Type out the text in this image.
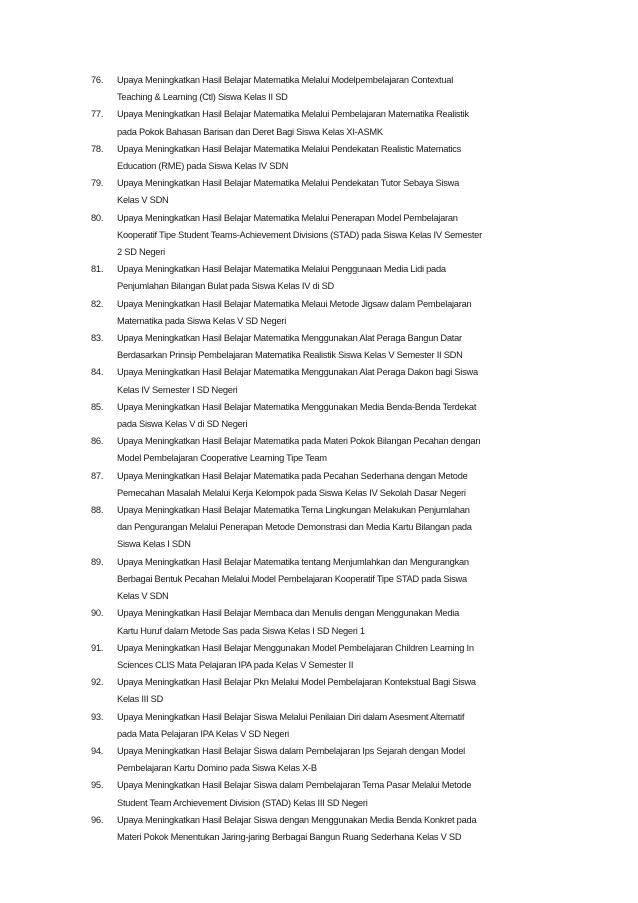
76.	Upaya Meningkatkan Hasil Belajar Matematika Melalui Modelpembelajaran Contextual
Teaching & Learning (Ctl) Siswa Kelas II SD
77.	Upaya Meningkatkan Hasil Belajar Matematika Melalui Pembelajaran Matematika Realistik
pada Pokok Bahasan Barisan dan Deret Bagi Siswa Kelas XI-ASMK
78.	Upaya Meningkatkan Hasil Belajar Matematika Melalui Pendekatan Realistic Matematics
Education (RME) pada Siswa Kelas IV SDN
79.	Upaya Meningkatkan Hasil Belajar Matematika Melalui Pendekatan Tutor Sebaya Siswa
Kelas V SDN
80.	Upaya Meningkatkan Hasil Belajar Matematika Melalui Penerapan Model Pembelajaran
Kooperatif Tipe Student Teams-Achievement Divisions (STAD) pada Siswa Kelas IV Semester
2 SD Negeri
81.	Upaya Meningkatkan Hasil Belajar Matematika Melalui Penggunaan Media Lidi pada
Penjumlahan Bilangan Bulat pada Siswa Kelas IV di SD
82.	Upaya Meningkatkan Hasil Belajar Matematika Melaui Metode Jigsaw dalam Pembelajaran
Matematika pada Siswa Kelas V SD Negeri
83.	Upaya Meningkatkan Hasil Belajar Matematika Menggunakan Alat Peraga Bangun Datar
Berdasarkan Prinsip Pembelajaran Matematika Realistik Siswa Kelas V Semester II SDN
84.	Upaya Meningkatkan Hasil Belajar Matematika Menggunakan Alat Peraga Dakon bagi Siswa
Kelas IV Semester I SD Negeri
85.	Upaya Meningkatkan Hasil Belajar Matematika Menggunakan Media Benda-Benda Terdekat
pada Siswa Kelas V di SD Negeri
86.	Upaya Meningkatkan Hasil Belajar Matematika pada Materi Pokok Bilangan Pecahan dengan
Model Pembelajaran Cooperative Learning Tipe Team
87.	Upaya Meningkatkan Hasil Belajar Matematika pada Pecahan Sederhana dengan Metode
Pemecahan Masalah Melalui Kerja Kelompok pada Siswa Kelas IV Sekolah Dasar Negeri
88.	Upaya Meningkatkan Hasil Belajar Matematika Tema Lingkungan Melakukan Penjumlahan
dan Pengurangan Melalui Penerapan Metode Demonstrasi dan Media Kartu Bilangan pada
Siswa Kelas I SDN
89.	Upaya Meningkatkan Hasil Belajar Matematika tentang Menjumlahkan dan Mengurangkan
Berbagai Bentuk Pecahan Melalui Model Pembelajaran Kooperatif Tipe STAD pada Siswa
Kelas V SDN
90.	Upaya Meningkatkan Hasil Belajar Membaca dan Menulis dengan Menggunakan Media
Kartu Huruf dalam Metode Sas pada Siswa Kelas I SD Negeri 1
91.	Upaya Meningkatkan Hasil Belajar Menggunakan Model Pembelajaran Children Learning In
Sciences CLIS Mata Pelajaran IPA pada Kelas V Semester II
92.	Upaya Meningkatkan Hasil Belajar Pkn Melalui Model Pembelajaran Kontekstual Bagi Siswa
Kelas III SD
93.	Upaya Meningkatkan Hasil Belajar Siswa Melalui Penilaian Diri dalam Asesment Alternatif
pada Mata Pelajaran IPA Kelas V SD Negeri
94.	Upaya Meningkatkan Hasil Belajar Siswa dalam Pembelajaran Ips Sejarah dengan Model
Pembelajaran Kartu Domino pada Siswa Kelas X-B
95.	Upaya Meningkatkan Hasil Belajar Siswa dalam Pembelajaran Tema Pasar Melalui Metode
Student Team Archievement Division (STAD) Kelas III SD Negeri
96.	Upaya Meningkatkan Hasil Belajar Siswa dengan Menggunakan Media Benda Konkret pada
Materi Pokok Menentukan Jaring-jaring Berbagai Bangun Ruang Sederhana Kelas V SD
